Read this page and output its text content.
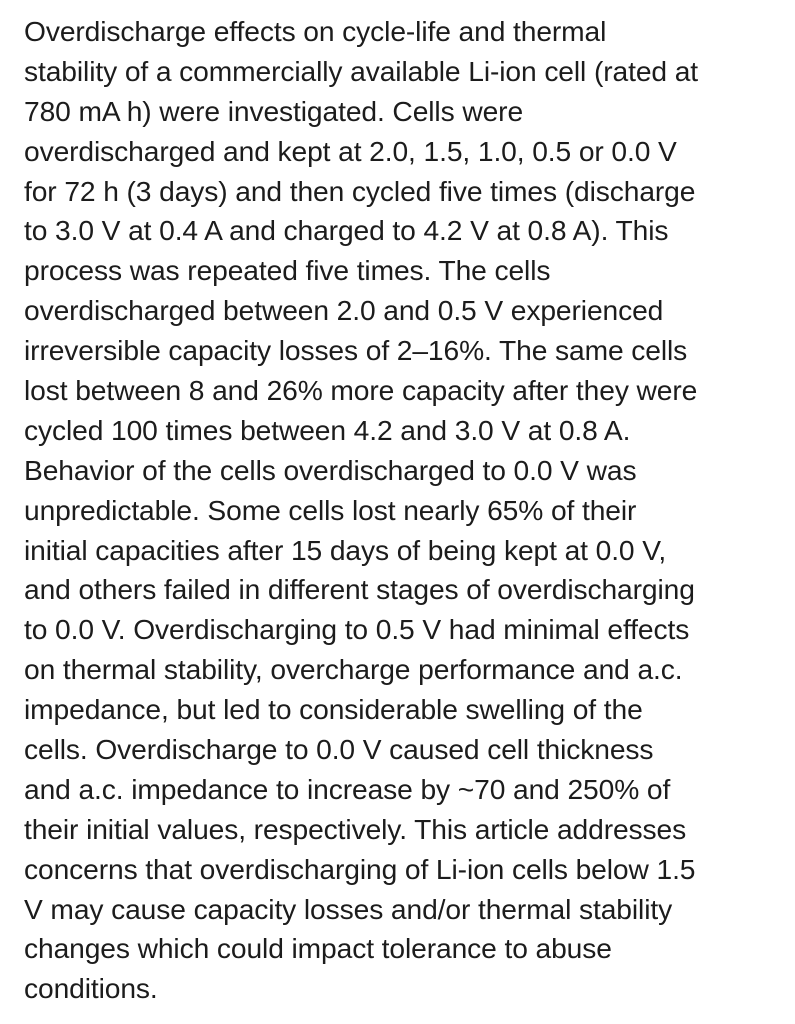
Overdischarge effects on cycle-life and thermal
stability of a commercially available Li-ion cell (rated at
780 mA h) were investigated. Cells were
overdischarged and kept at 2.0, 1.5, 1.0, 0.5 or 0.0 V
for 72 h (3 days) and then cycled five times (discharge
to 3.0 V at 0.4 A and charged to 4.2 V at 0.8 A). This
process was repeated five times. The cells
overdischarged between 2.0 and 0.5 V experienced
irreversible capacity losses of 2–16%. The same cells
lost between 8 and 26% more capacity after they were
cycled 100 times between 4.2 and 3.0 V at 0.8 A.
Behavior of the cells overdischarged to 0.0 V was
unpredictable. Some cells lost nearly 65% of their
initial capacities after 15 days of being kept at 0.0 V,
and others failed in different stages of overdischarging
to 0.0 V. Overdischarging to 0.5 V had minimal effects
on thermal stability, overcharge performance and a.c.
impedance, but led to considerable swelling of the
cells. Overdischarge to 0.0 V caused cell thickness
and a.c. impedance to increase by ~70 and 250% of
their initial values, respectively. This article addresses
concerns that overdischarging of Li-ion cells below 1.5
V may cause capacity losses and/or thermal stability
changes which could impact tolerance to abuse
conditions.
